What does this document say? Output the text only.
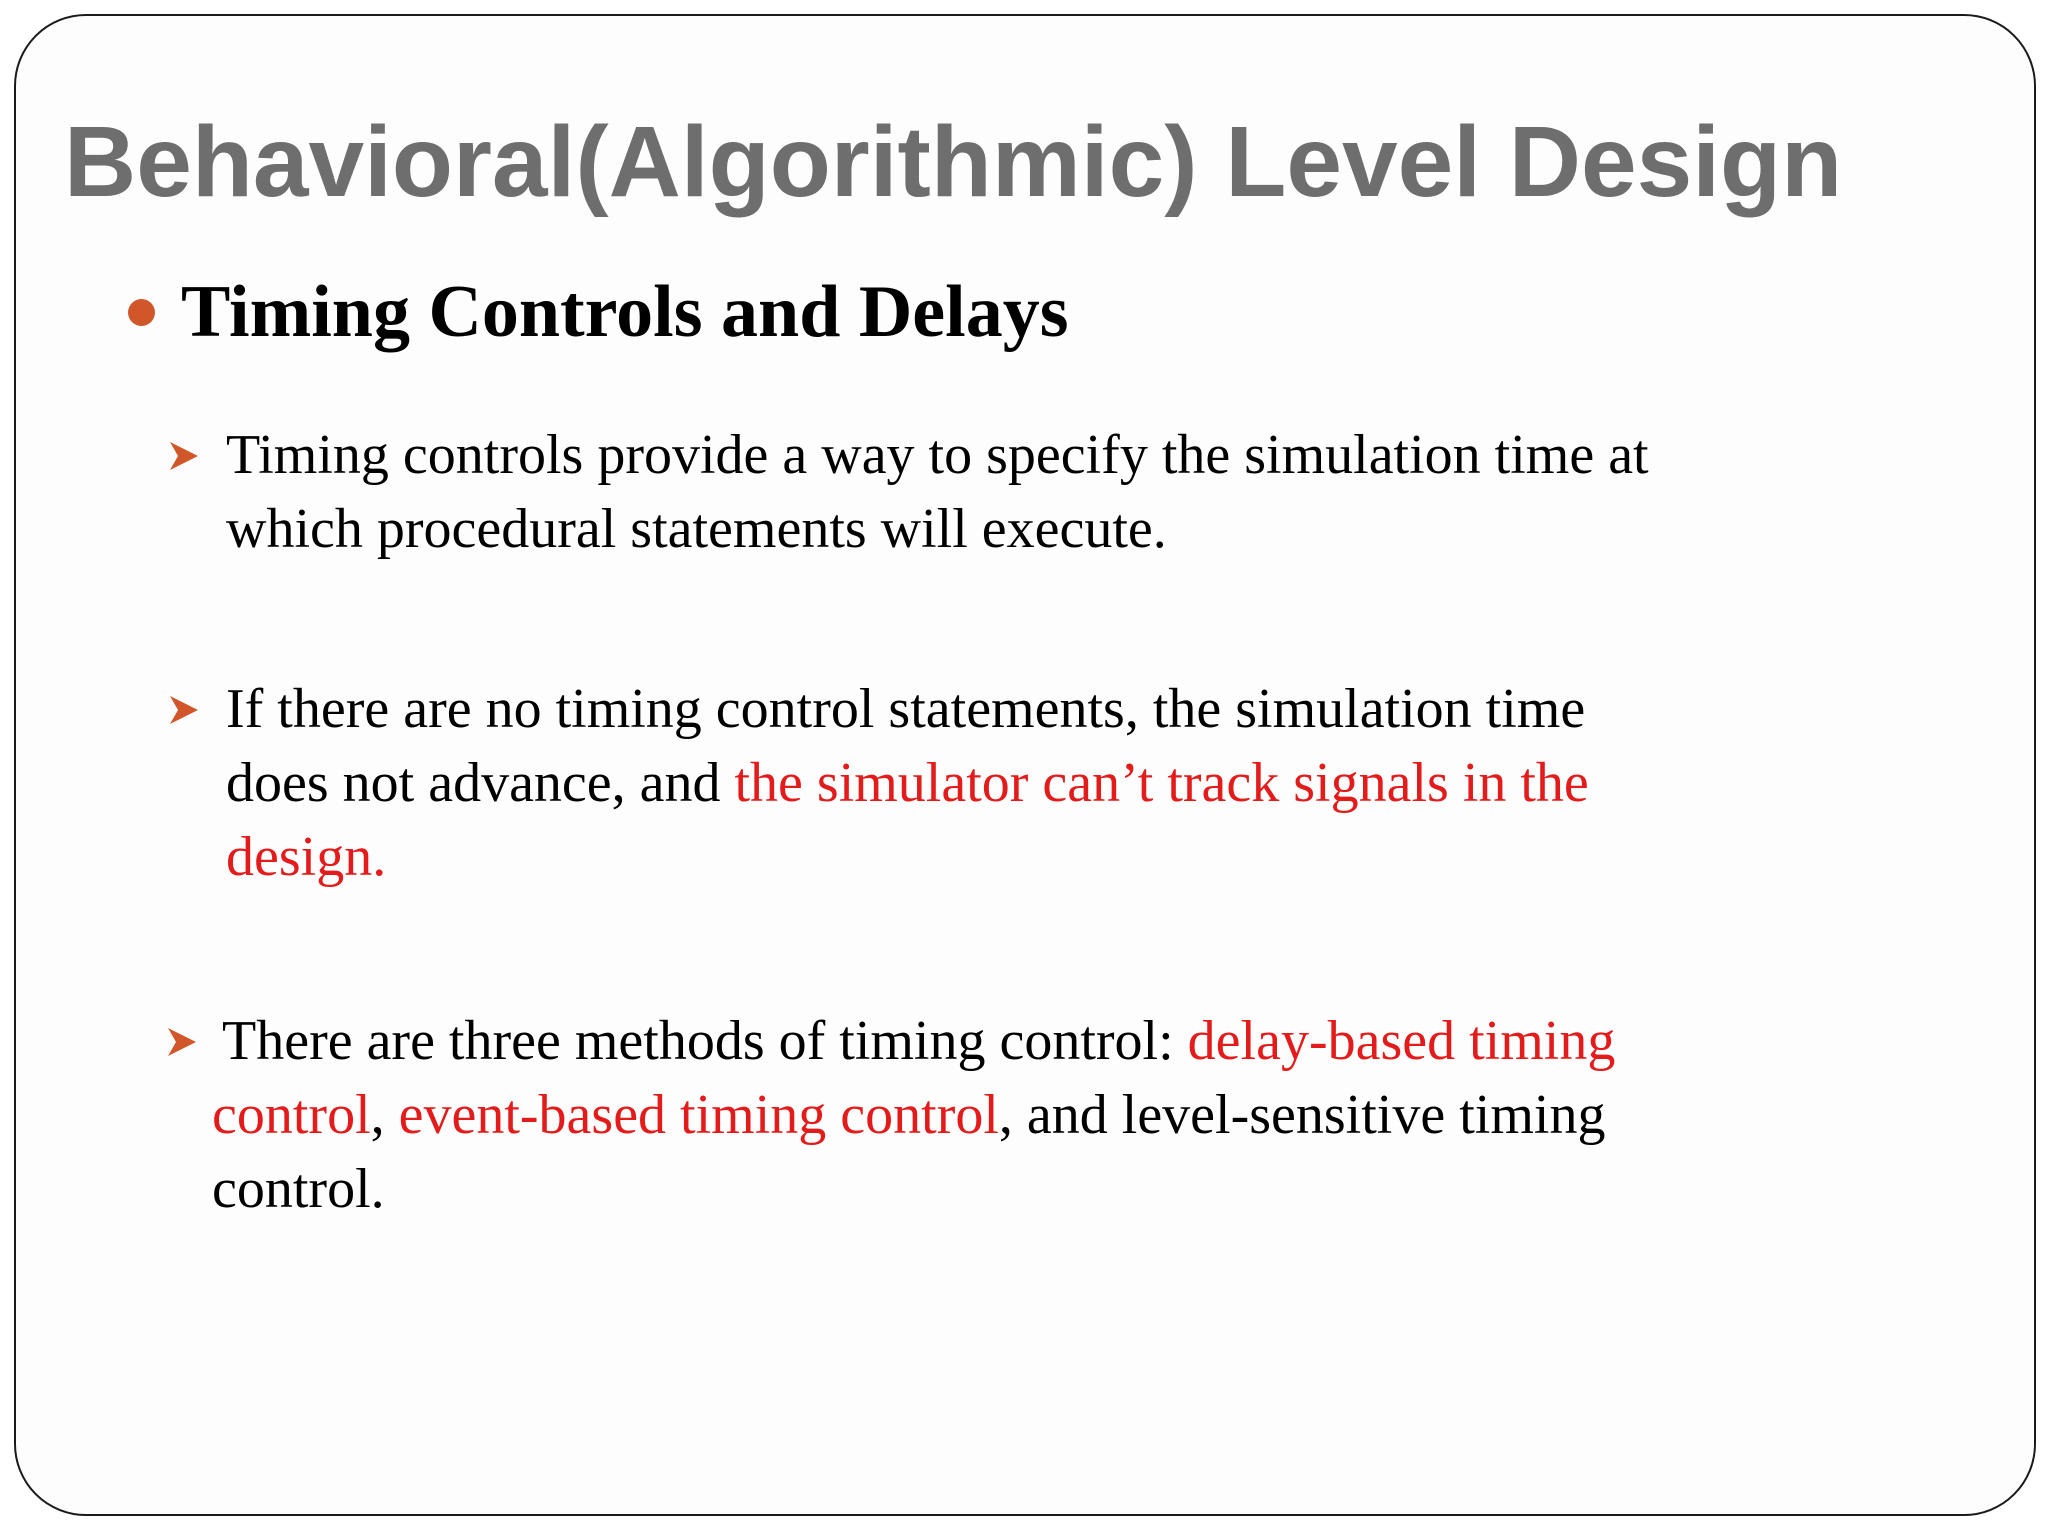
Behavioral(Algorithmic) Level Design
Timing Controls and Delays
Timing controls provide a way to specify the simulation time at
which procedural statements will execute.
If there are no timing control statements, the simulation time
does not advance, and the simulator can’t track signals in the
design.
There are three methods of timing control: delay-based timing
control, event-based timing control, and level-sensitive timing
control.
